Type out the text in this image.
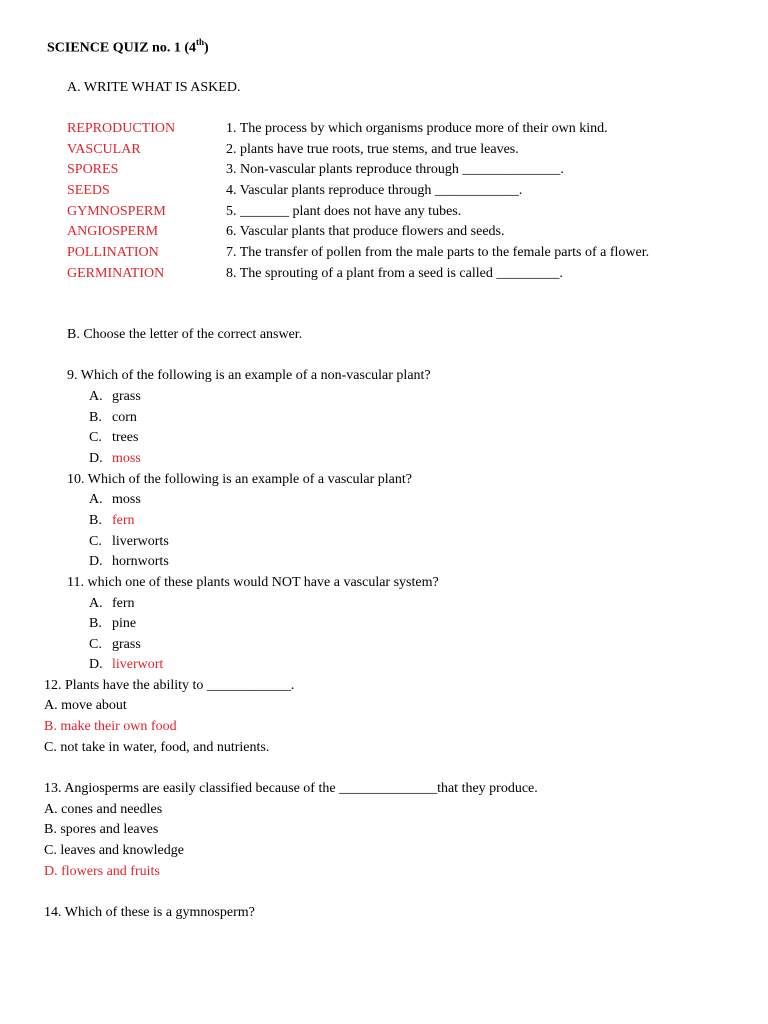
SCIENCE QUIZ no. 1 (4th)
A. WRITE WHAT IS ASKED.
REPRODUCTION	1. The process by which organisms produce more of their own kind.
VASCULAR	2. plants have true roots, true stems, and true leaves.
SPORES	3. Non-vascular plants reproduce through ______________.
SEEDS	4. Vascular plants reproduce through ____________.
GYMNOSPERM	5. _______ plant does not have any tubes.
ANGIOSPERM	6. Vascular plants that produce flowers and seeds.
POLLINATION	7. The transfer of pollen from the male parts to the female parts of a flower.
GERMINATION	8. The sprouting of a plant from a seed is called _________.
B. Choose the letter of the correct answer.
9. Which of the following is an example of a non-vascular plant?
A. grass
B. corn
C. trees
D. moss
10. Which of the following is an example of a vascular plant?
A. moss
B. fern
C. liverworts
D. hornworts
11. which one of these plants would NOT have a vascular system?
A. fern
B. pine
C. grass
D. liverwort
12. Plants have the ability to ____________.
A. move about
B. make their own food
C. not take in water, food, and nutrients.
13. Angiosperms are easily classified because of the ______________that they produce.
A. cones and needles
B. spores and leaves
C. leaves and knowledge
D. flowers and fruits
14. Which of these is a gymnosperm?
